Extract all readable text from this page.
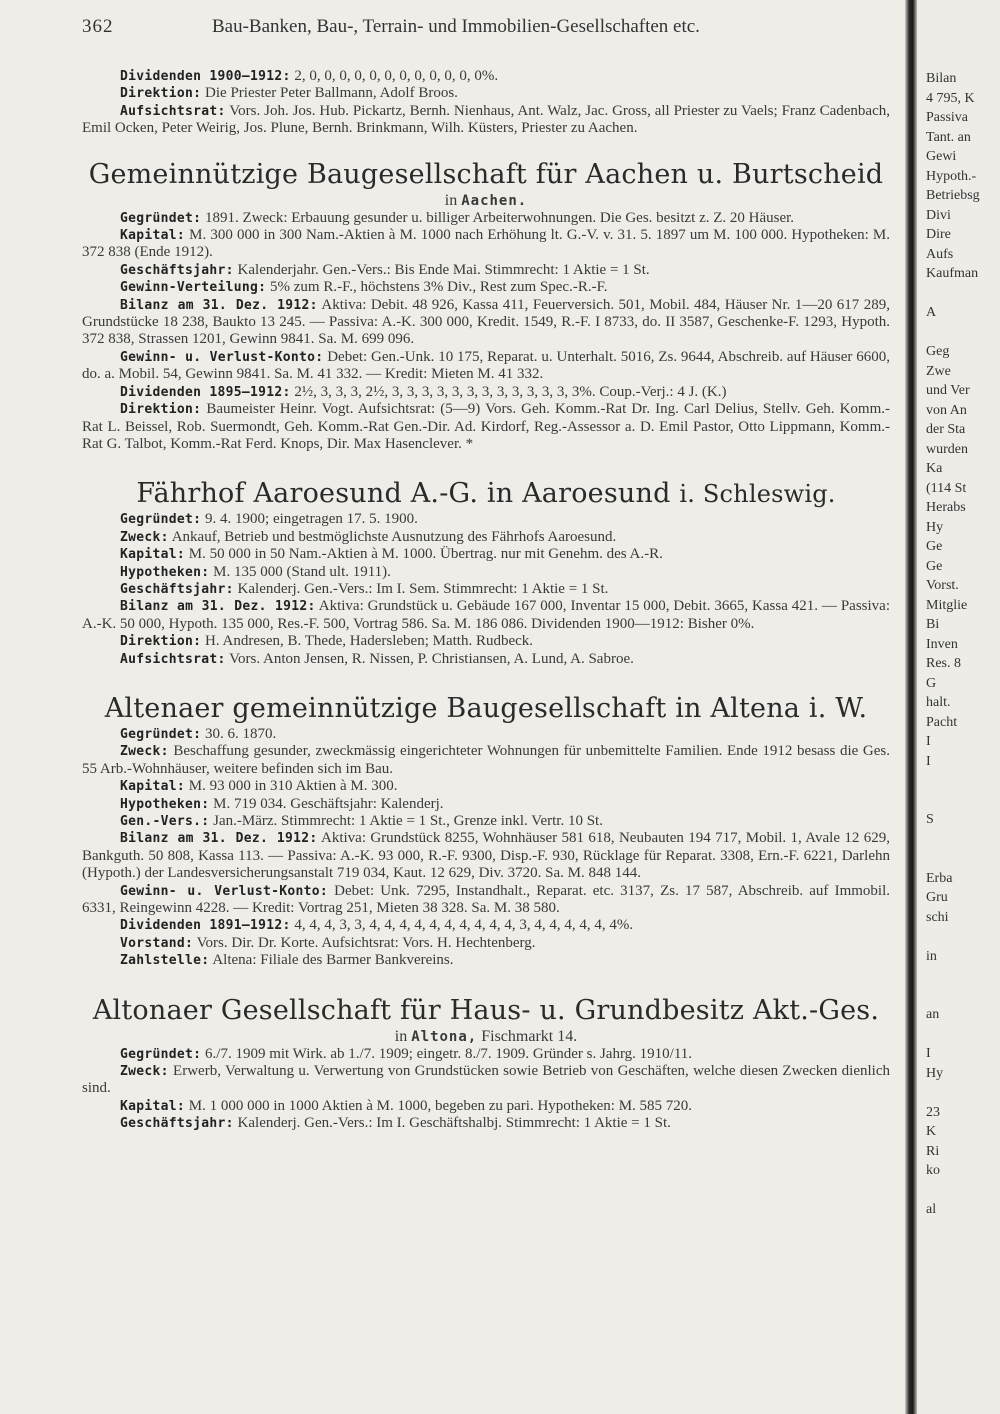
362	Bau-Banken, Bau-, Terrain- und Immobilien-Gesellschaften etc.

Dividenden 1900—1912: 2, 0, 0, 0, 0, 0, 0, 0, 0, 0, 0, 0, 0%.

Direktion: Die Priester Peter Ballmann, Adolf Broos.

Aufsichtsrat: Vors. Joh. Jos. Hub. Pickartz, Bernh. Nienhaus, Ant. Walz, Jac. Gross, all Priester zu Vaels; Franz Cadenbach, Emil Ocken, Peter Weirig, Jos. Plune, Bernh. Brinkmann, Wilh. Küsters, Priester zu Aachen.

Gemeinnützige Baugesellschaft für Aachen u. Burtscheid
in Aachen.

Gegründet: 1891. Zweck: Erbauung gesunder u. billiger Arbeiterwohnungen. Die Ges. besitzt z. Z. 20 Häuser.

Kapital: M. 300 000 in 300 Nam.-Aktien à M. 1000 nach Erhöhung lt. G.-V. v. 31. 5. 1897 um M. 100 000. Hypotheken: M. 372 838 (Ende 1912).

Geschäftsjahr: Kalenderjahr. Gen.-Vers.: Bis Ende Mai. Stimmrecht: 1 Aktie = 1 St.

Gewinn-Verteilung: 5% zum R.-F., höchstens 3% Div., Rest zum Spec.-R.-F.

Bilanz am 31. Dez. 1912: Aktiva: Debit. 48 926, Kassa 411, Feuerversich. 501, Mobil. 484, Häuser Nr. 1—20 617 289, Grundstücke 18 238, Baukto 13 245. — Passiva: A.-K. 300 000, Kredit. 1549, R.-F. I 8733, do. II 3587, Geschenke-F. 1293, Hypoth. 372 838, Strassen 1201, Gewinn 9841. Sa. M. 699 096.

Gewinn- u. Verlust-Konto: Debet: Gen.-Unk. 10 175, Reparat. u. Unterhalt. 5016, Zs. 9644, Abschreib. auf Häuser 6600, do. a. Mobil. 54, Gewinn 9841. Sa. M. 41 332. — Kredit: Mieten M. 41 332.

Dividenden 1895—1912: 2½, 3, 3, 3, 2½, 3, 3, 3, 3, 3, 3, 3, 3, 3, 3, 3, 3, 3%. Coup.-Verj.: 4 J. (K.)

Direktion: Baumeister Heinr. Vogt. Aufsichtsrat: (5—9) Vors. Geh. Komm.-Rat Dr. Ing. Carl Delius, Stellv. Geh. Komm.-Rat L. Beissel, Rob. Suermondt, Geh. Komm.-Rat Gen.-Dir. Ad. Kirdorf, Reg.-Assessor a. D. Emil Pastor, Otto Lippmann, Komm.-Rat G. Talbot, Komm.-Rat Ferd. Knops, Dir. Max Hasenclever. *

Fährhof Aaroesund A.-G. in Aaroesund i. Schleswig.

Gegründet: 9. 4. 1900; eingetragen 17. 5. 1900.

Zweck: Ankauf, Betrieb und bestmöglichste Ausnutzung des Fährhofs Aaroesund.

Kapital: M. 50 000 in 50 Nam.-Aktien à M. 1000. Übertrag. nur mit Genehm. des A.-R.

Hypotheken: M. 135 000 (Stand ult. 1911).

Geschäftsjahr: Kalenderj. Gen.-Vers.: Im I. Sem. Stimmrecht: 1 Aktie = 1 St.

Bilanz am 31. Dez. 1912: Aktiva: Grundstück u. Gebäude 167 000, Inventar 15 000, Debit. 3665, Kassa 421. — Passiva: A.-K. 50 000, Hypoth. 135 000, Res.-F. 500, Vortrag 586. Sa. M. 186 086. Dividenden 1900—1912: Bisher 0%.

Direktion: H. Andresen, B. Thede, Hadersleben; Matth. Rudbeck.

Aufsichtsrat: Vors. Anton Jensen, R. Nissen, P. Christiansen, A. Lund, A. Sabroe.

Altenaer gemeinnützige Baugesellschaft in Altena i. W.

Gegründet: 30. 6. 1870.

Zweck: Beschaffung gesunder, zweckmässig eingerichteter Wohnungen für unbemittelte Familien. Ende 1912 besass die Ges. 55 Arb.-Wohnhäuser, weitere befinden sich im Bau.

Kapital: M. 93 000 in 310 Aktien à M. 300.

Hypotheken: M. 719 034. Geschäftsjahr: Kalenderj.

Gen.-Vers.: Jan.-März. Stimmrecht: 1 Aktie = 1 St., Grenze inkl. Vertr. 10 St.

Bilanz am 31. Dez. 1912: Aktiva: Grundstück 8255, Wohnhäuser 581 618, Neubauten 194 717, Mobil. 1, Avale 12 629, Bankguth. 50 808, Kassa 113. — Passiva: A.-K. 93 000, R.-F. 9300, Disp.-F. 930, Rücklage für Reparat. 3308, Ern.-F. 6221, Darlehn (Hypoth.) der Landesversicherungsanstalt 719 034, Kaut. 12 629, Div. 3720. Sa. M. 848 144.

Gewinn- u. Verlust-Konto: Debet: Unk. 7295, Instandhalt., Reparat. etc. 3137, Zs. 17 587, Abschreib. auf Immobil. 6331, Reingewinn 4228. — Kredit: Vortrag 251, Mieten 38 328. Sa. M. 38 580.

Dividenden 1891—1912: 4, 4, 4, 3, 3, 4, 4, 4, 4, 4, 4, 4, 4, 4, 4, 3, 4, 4, 4, 4, 4, 4%.

Vorstand: Vors. Dir. Dr. Korte. Aufsichtsrat: Vors. H. Hechtenberg.

Zahlstelle: Altena: Filiale des Barmer Bankvereins.

Altonaer Gesellschaft für Haus- u. Grundbesitz Akt.-Ges.
in Altona, Fischmarkt 14.

Gegründet: 6./7. 1909 mit Wirk. ab 1./7. 1909; eingetr. 8./7. 1909. Gründer s. Jahrg. 1910/11.

Zweck: Erwerb, Verwaltung u. Verwertung von Grundstücken sowie Betrieb von Geschäften, welche diesen Zwecken dienlich sind.

Kapital: M. 1 000 000 in 1000 Aktien à M. 1000, begeben zu pari. Hypotheken: M. 585 720.

Geschäftsjahr: Kalenderj. Gen.-Vers.: Im I. Geschäftshalbj. Stimmrecht: 1 Aktie = 1 St.

Bilan
4 795, K
Passiva
Tant. an
Gewi
Hypoth.-
Betriebsg
Divi
Dire
Aufs
Kaufman
A
Geg
Zwe
und Ver
von An
der Sta
wurden
Ka
(114 St
Herabs
Hy
Ge
Ge
Vorst.
Mitglie
Bi
Inven
Res. 8
G
halt.
Pacht
I
I
S
Erba
Gru
schi
in
an
I
Hy
23
K
Ri
ko
al
